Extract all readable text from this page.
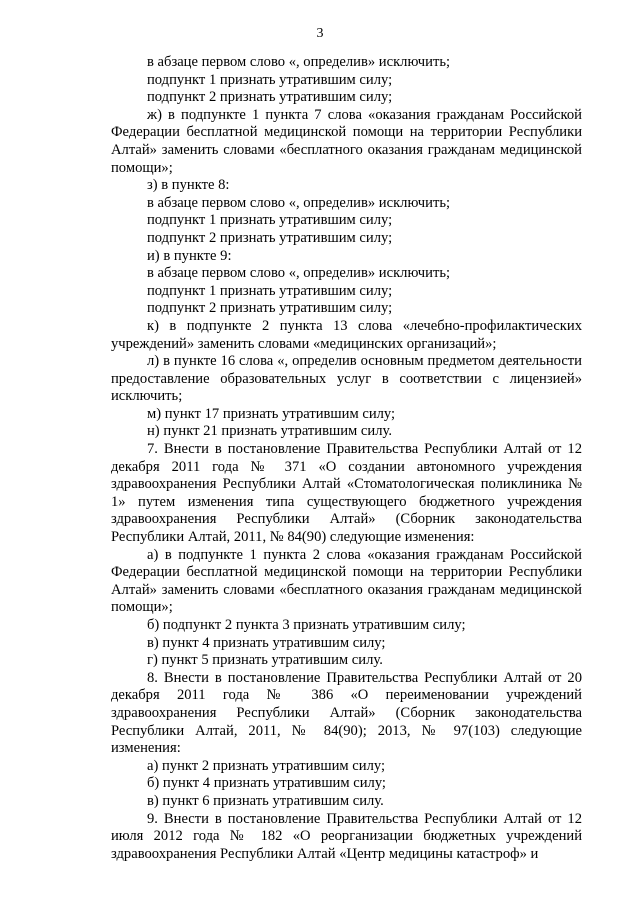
3

в абзаце первом слово «, определив» исключить;

подпункт 1 признать утратившим силу;

подпункт 2 признать утратившим силу;

ж) в подпункте 1 пункта 7 слова «оказания гражданам Российской Федерации бесплатной медицинской помощи на территории Республики Алтай» заменить словами «бесплатного оказания гражданам медицинской помощи»;

з) в пункте 8:

в абзаце первом слово «, определив» исключить;

подпункт 1 признать утратившим силу;

подпункт 2 признать утратившим силу;

и) в пункте 9:

в абзаце первом слово «, определив» исключить;

подпункт 1 признать утратившим силу;

подпункт 2 признать утратившим силу;

к) в подпункте 2 пункта 13 слова «лечебно-профилактических учреждений» заменить словами «медицинских организаций»;

л) в пункте 16 слова «, определив основным предметом деятельности предоставление образовательных услуг в соответствии с лицензией» исключить;

м) пункт 17 признать утратившим силу;

н) пункт 21 признать утратившим силу.

7. Внести в постановление Правительства Республики Алтай от 12 декабря 2011 года № 371 «О создании автономного учреждения здравоохранения Республики Алтай «Стоматологическая поликлиника № 1» путем изменения типа существующего бюджетного учреждения здравоохранения Республики Алтай» (Сборник законодательства Республики Алтай, 2011, № 84(90) следующие изменения:

а) в подпункте 1 пункта 2 слова «оказания гражданам Российской Федерации бесплатной медицинской помощи на территории Республики Алтай» заменить словами «бесплатного оказания гражданам медицинской помощи»;

б) подпункт 2 пункта 3 признать утратившим силу;

в) пункт 4 признать утратившим силу;

г) пункт 5 признать утратившим силу.

8. Внести в постановление Правительства Республики Алтай от 20 декабря 2011 года № 386 «О переименовании учреждений здравоохранения Республики Алтай» (Сборник законодательства Республики Алтай, 2011, № 84(90); 2013, № 97(103) следующие изменения:

а) пункт 2 признать утратившим силу;

б) пункт 4 признать утратившим силу;

в) пункт 6 признать утратившим силу.

9. Внести в постановление Правительства Республики Алтай от 12 июля 2012 года № 182 «О реорганизации бюджетных учреждений здравоохранения Республики Алтай «Центр медицины катастроф» и
